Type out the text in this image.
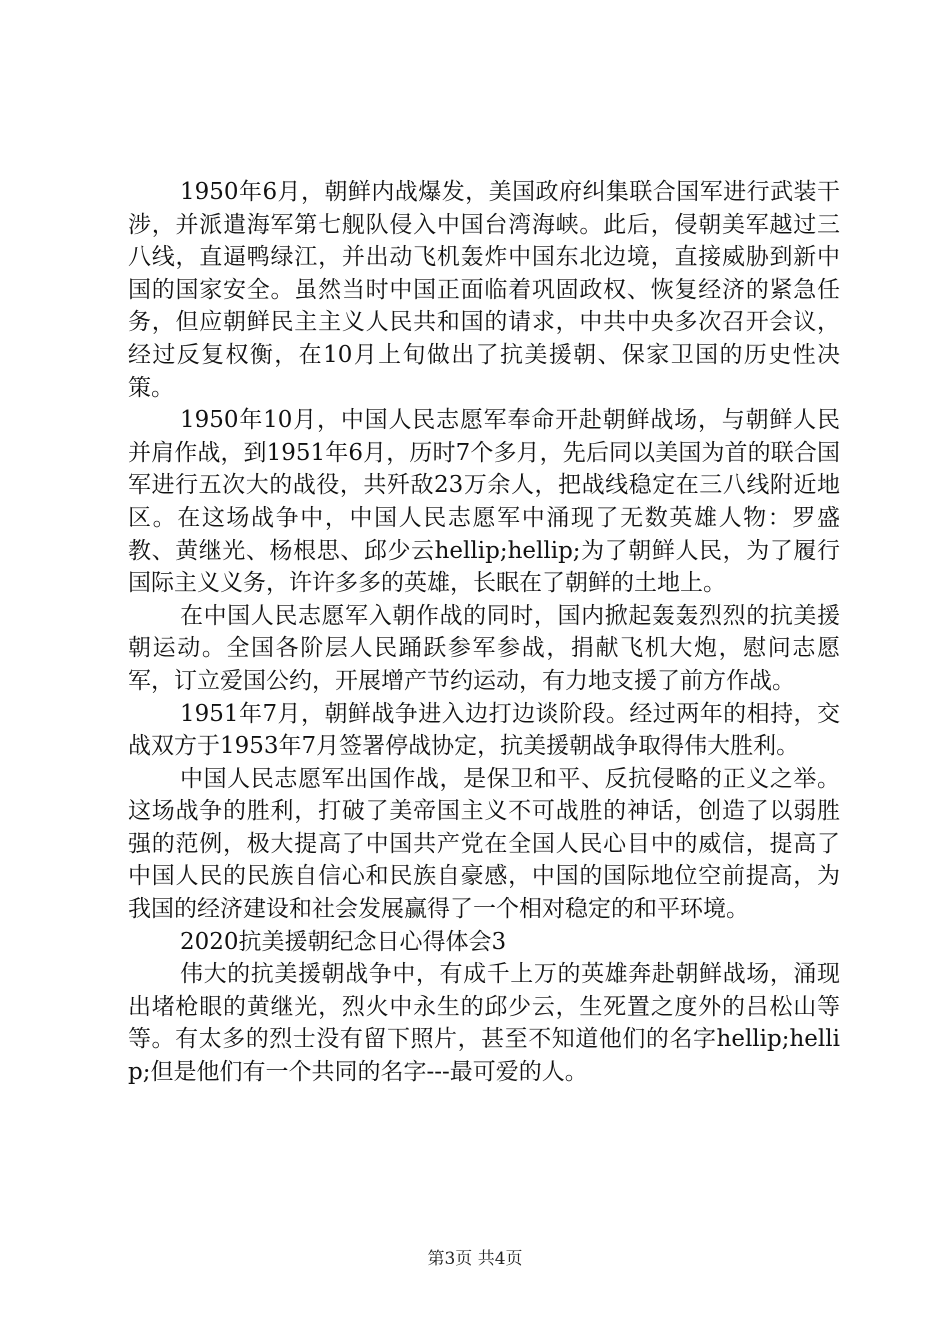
1950年6月，朝鲜内战爆发，美国政府纠集联合国军进行武装干涉，并派遣海军第七舰队侵入中国台湾海峡。此后，侵朝美军越过三八线，直逼鸭绿江，并出动飞机轰炸中国东北边境，直接威胁到新中国的国家安全。虽然当时中国正面临着巩固政权、恢复经济的紧急任务，但应朝鲜民主主义人民共和国的请求，中共中央多次召开会议，经过反复权衡，在10月上旬做出了抗美援朝、保家卫国的历史性决策。

1950年10月，中国人民志愿军奉命开赴朝鲜战场，与朝鲜人民并肩作战，到1951年6月，历时7个多月，先后同以美国为首的联合国军进行五次大的战役，共歼敌23万余人，把战线稳定在三八线附近地区。在这场战争中，中国人民志愿军中涌现了无数英雄人物：罗盛教、黄继光、杨根思、邱少云hellip;hellip;为了朝鲜人民，为了履行国际主义义务，许许多多的英雄，长眠在了朝鲜的土地上。

在中国人民志愿军入朝作战的同时，国内掀起轰轰烈烈的抗美援朝运动。全国各阶层人民踊跃参军参战，捐献飞机大炮，慰问志愿军，订立爱国公约，开展增产节约运动，有力地支援了前方作战。

1951年7月，朝鲜战争进入边打边谈阶段。经过两年的相持，交战双方于1953年7月签署停战协定，抗美援朝战争取得伟大胜利。

中国人民志愿军出国作战，是保卫和平、反抗侵略的正义之举。这场战争的胜利，打破了美帝国主义不可战胜的神话，创造了以弱胜强的范例，极大提高了中国共产党在全国人民心目中的威信，提高了中国人民的民族自信心和民族自豪感，中国的国际地位空前提高，为我国的经济建设和社会发展赢得了一个相对稳定的和平环境。

2020抗美援朝纪念日心得体会3

伟大的抗美援朝战争中，有成千上万的英雄奔赴朝鲜战场，涌现出堵枪眼的黄继光，烈火中永生的邱少云，生死置之度外的吕松山等等。有太多的烈士没有留下照片，甚至不知道他们的名字hellip;hellip;但是他们有一个共同的名字---最可爱的人。

第3页 共4页
